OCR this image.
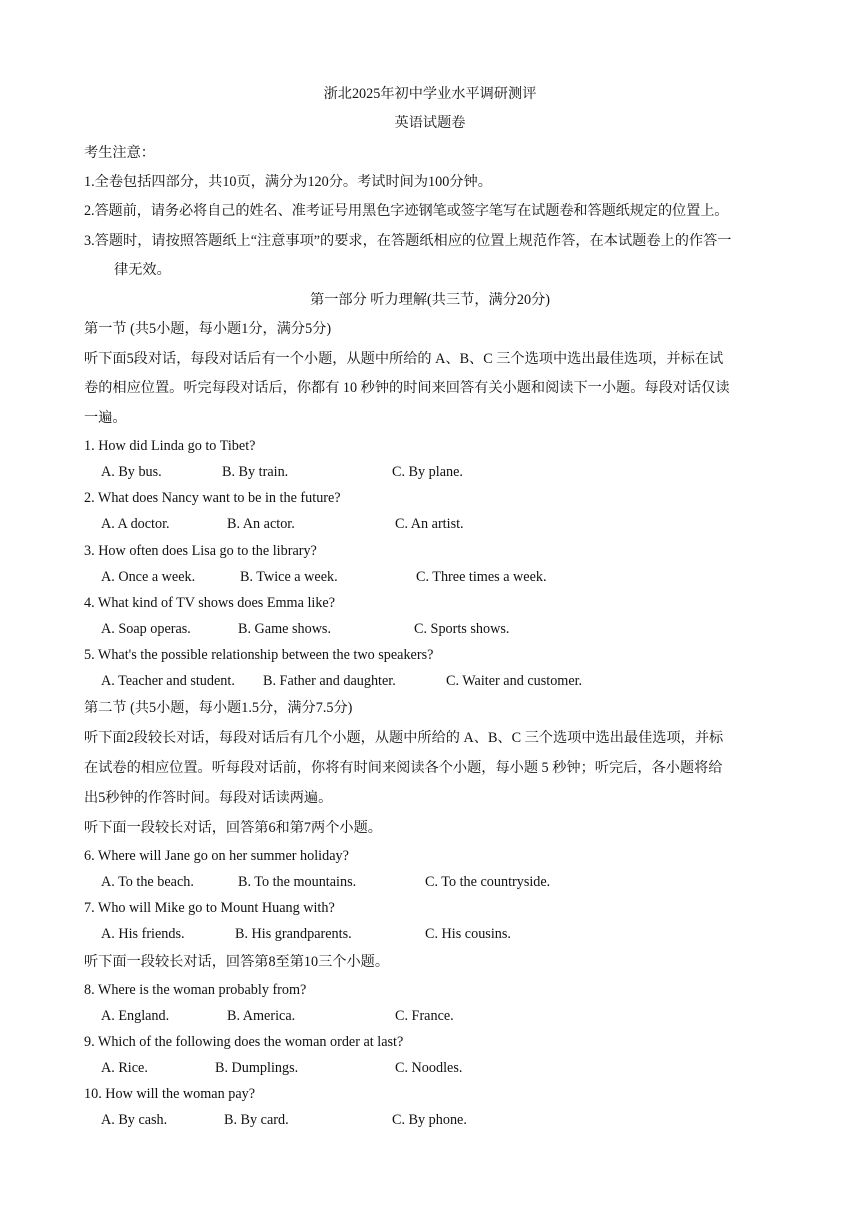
浙北2025年初中学业水平调研测评
英语试题卷
考生注意：
1.全卷包括四部分，共10页，满分为120分。考试时间为100分钟。
2.答题前，请务必将自己的姓名、准考证号用黑色字迹钢笔或签字笔写在试题卷和答题纸规定的位置上。
3.答题时，请按照答题纸上“注意事项”的要求，在答题纸相应的位置上规范作答，在本试题卷上的作答一
律无效。
第一部分 听力理解(共三节，满分20分)
第一节 (共5小题，每小题1分，满分5分)
听下面5段对话，每段对话后有一个小题，从题中所给的 A、B、C 三个选项中选出最佳选项，并标在试
卷的相应位置。听完每段对话后，你都有 10 秒钟的时间来回答有关小题和阅读下一小题。每段对话仅读
一遍。
1. How did Linda go to Tibet?
A. By bus.	B. By train.	C. By plane.
2. What does Nancy want to be in the future?
A. A doctor.	B. An actor.	C. An artist.
3. How often does Lisa go to the library?
A. Once a week.	B. Twice a week.	C. Three times a week.
4. What kind of TV shows does Emma like?
A. Soap operas.	B. Game shows.	C. Sports shows.
5. What's the possible relationship between the two speakers?
A. Teacher and student. B. Father and daughter.	C. Waiter and customer.
第二节 (共5小题，每小题1.5分，满分7.5分)
听下面2段较长对话，每段对话后有几个小题，从题中所给的 A、B、C 三个选项中选出最佳选项，并标
在试卷的相应位置。听每段对话前，你将有时间来阅读各个小题，每小题 5 秒钟；听完后，各小题将给
出5秒钟的作答时间。每段对话读两遍。
听下面一段较长对话，回答第6和第7两个小题。
6. Where will Jane go on her summer holiday?
A. To the beach.	B. To the mountains.	C. To the countryside.
7. Who will Mike go to Mount Huang with?
A. His friends.	B. His grandparents.	C. His cousins.
听下面一段较长对话，回答第8至第10三个小题。
8. Where is the woman probably from?
A. England.	B. America.	C. France.
9. Which of the following does the woman order at last?
A. Rice.	B. Dumplings.	C. Noodles.
10. How will the woman pay?
A. By cash.	B. By card.	C. By phone.
